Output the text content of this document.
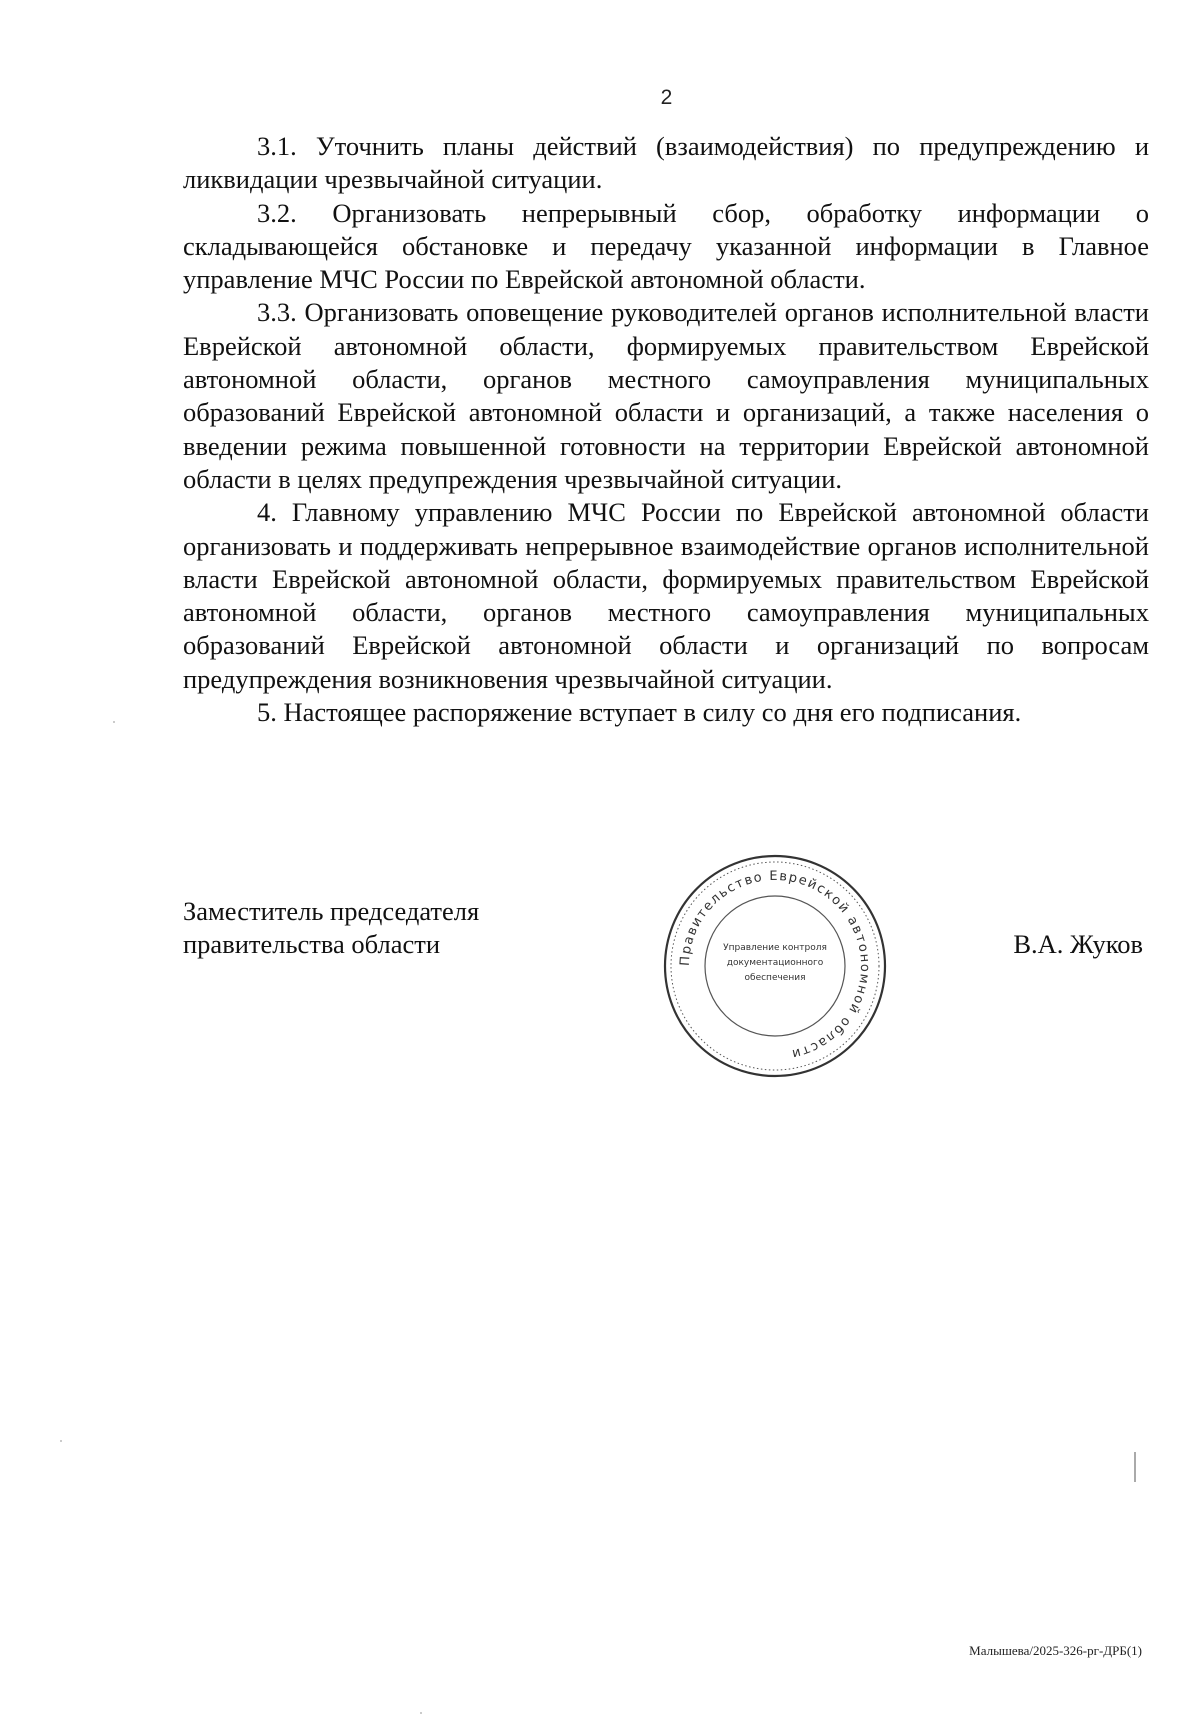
2

3.1. Уточнить планы действий (взаимодействия) по предупреждению и ликвидации чрезвычайной ситуации.

3.2. Организовать непрерывный сбор, обработку информации о складывающейся обстановке и передачу указанной информации в Главное управление МЧС России по Еврейской автономной области.

3.3. Организовать оповещение руководителей органов исполнительной власти Еврейской автономной области, формируемых правительством Еврейской автономной области, органов местного самоуправления муниципальных образований Еврейской автономной области и организаций, а также населения о введении режима повышенной готовности на территории Еврейской автономной области в целях предупреждения чрезвычайной ситуации.

4. Главному управлению МЧС России по Еврейской автономной области организовать и поддерживать непрерывное взаимодействие органов исполнительной власти Еврейской автономной области, формируемых правительством Еврейской автономной области, органов местного самоуправления муниципальных образований Еврейской автономной области и организаций по вопросам предупреждения возникновения чрезвычайной ситуации.

5. Настоящее распоряжение вступает в силу со дня его подписания.

Заместитель председателя
правительства области
Правительство Еврейской автономной области
Управление контроля
документационного
обеспечения
В.А. Жуков
Малышева/2025-326-рг-ДРБ(1)
